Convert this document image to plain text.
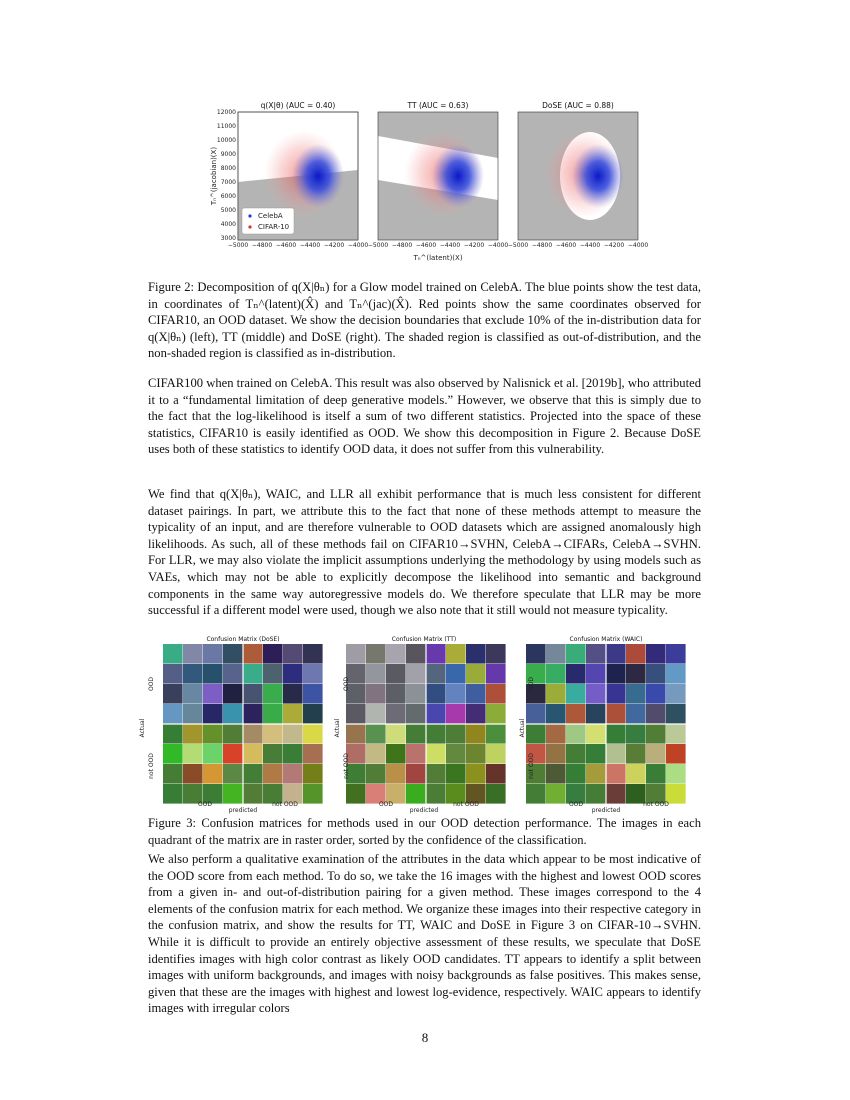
q(X|θ) (AUC = 0.40)
CelebA
CIFAR-10
12000
11000
10000
9000
8000
7000
6000
5000
4000
3000
Tₙ^(jacobian)(X)
−5000 −4800 −4600 −4400 −4200 −4000
TT (AUC = 0.63)
−5000 −4800 −4600 −4400 −4200 −4000
Tₙ^(latent)(X)
DoSE (AUC = 0.88)
−5000 −4800 −4600 −4400 −4200 −4000

Figure 2: Decomposition of q(X|θₙ) for a Glow model trained on CelebA. The blue points show the test data, in coordinates of Tₙ^(latent)(X̂) and Tₙ^(jac)(X̂). Red points show the same coordinates observed for CIFAR10, an OOD dataset. We show the decision boundaries that exclude 10% of the in-distribution data for q(X|θₙ) (left), TT (middle) and DoSE (right). The shaded region is classified as out-of-distribution, and the non-shaded region is classified as in-distribution.

CIFAR100 when trained on CelebA. This result was also observed by Nalisnick et al. [2019b], who attributed it to a “fundamental limitation of deep generative models.” However, we observe that this is simply due to the fact that the log-likelihood is itself a sum of two different statistics. Projected into the space of these statistics, CIFAR10 is easily identified as OOD. We show this decomposition in Figure 2. Because DoSE uses both of these statistics to identify OOD data, it does not suffer from this vulnerability.

We find that q(X|θₙ), WAIC, and LLR all exhibit performance that is much less consistent for different dataset pairings. In part, we attribute this to the fact that none of these methods attempt to measure the typicality of an input, and are therefore vulnerable to OOD datasets which are assigned anomalously high likelihoods. As such, all of these methods fail on CIFAR10→SVHN, CelebA→CIFARs, CelebA→SVHN. For LLR, we may also violate the implicit assumptions underlying the methodology by using models such as VAEs, which may not be able to explicitly decompose the likelihood into semantic and background components in the same way autoregressive models do. We therefore speculate that LLR may be more successful if a different model were used, though we also note that it still would not measure typicality.

Confusion Matrix (DoSE)	Confusion Matrix (TT)	Confusion Matrix (WAIC)
OOD
not OOD
Actual
OOD	not OOD
predicted
OOD
not OOD
Actual
OOD	not OOD
predicted
OOD
not OOD
Actual
OOD	not OOD
predicted

Figure 3: Confusion matrices for methods used in our OOD detection performance. The images in each quadrant of the matrix are in raster order, sorted by the confidence of the classification.

We also perform a qualitative examination of the attributes in the data which appear to be most indicative of the OOD score from each method. To do so, we take the 16 images with the highest and lowest OOD scores from a given in- and out-of-distribution pairing for a given method. These images correspond to the 4 elements of the confusion matrix for each method. We organize these images into their respective category in the confusion matrix, and show the results for TT, WAIC and DoSE in Figure 3 on CIFAR-10→SVHN. While it is difficult to provide an entirely objective assessment of these results, we speculate that DoSE identifies images with high color contrast as likely OOD candidates. TT appears to identify a split between images with uniform backgrounds, and images with noisy backgrounds as false positives. This makes sense, given that these are the images with highest and lowest log-evidence, respectively. WAIC appears to identify images with irregular colors

8
